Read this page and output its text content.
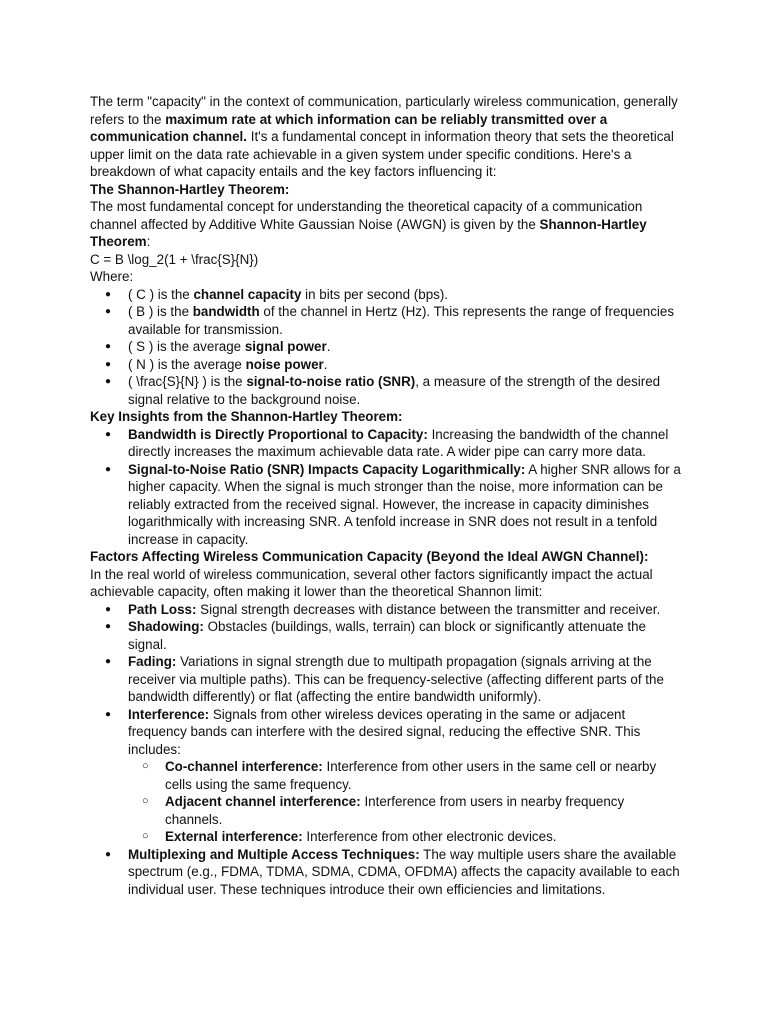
The term "capacity" in the context of communication, particularly wireless communication, generally refers to the maximum rate at which information can be reliably transmitted over a communication channel. It's a fundamental concept in information theory that sets the theoretical upper limit on the data rate achievable in a given system under specific conditions. Here's a breakdown of what capacity entails and the key factors influencing it:

The Shannon-Hartley Theorem:

The most fundamental concept for understanding the theoretical capacity of a communication channel affected by Additive White Gaussian Noise (AWGN) is given by the Shannon-Hartley Theorem:

C = B \log_2(1 + \frac{S}{N})

Where:

● ( C ) is the channel capacity in bits per second (bps).
● ( B ) is the bandwidth of the channel in Hertz (Hz). This represents the range of frequencies available for transmission.
● ( S ) is the average signal power.
● ( N ) is the average noise power.
● ( \frac{S}{N} ) is the signal-to-noise ratio (SNR), a measure of the strength of the desired signal relative to the background noise.

Key Insights from the Shannon-Hartley Theorem:

● Bandwidth is Directly Proportional to Capacity: Increasing the bandwidth of the channel directly increases the maximum achievable data rate. A wider pipe can carry more data.
● Signal-to-Noise Ratio (SNR) Impacts Capacity Logarithmically: A higher SNR allows for a higher capacity. When the signal is much stronger than the noise, more information can be reliably extracted from the received signal. However, the increase in capacity diminishes logarithmically with increasing SNR. A tenfold increase in SNR does not result in a tenfold increase in capacity.

Factors Affecting Wireless Communication Capacity (Beyond the Ideal AWGN Channel):

In the real world of wireless communication, several other factors significantly impact the actual achievable capacity, often making it lower than the theoretical Shannon limit:

● Path Loss: Signal strength decreases with distance between the transmitter and receiver.
● Shadowing: Obstacles (buildings, walls, terrain) can block or significantly attenuate the signal.
● Fading: Variations in signal strength due to multipath propagation (signals arriving at the receiver via multiple paths). This can be frequency-selective (affecting different parts of the bandwidth differently) or flat (affecting the entire bandwidth uniformly).
● Interference: Signals from other wireless devices operating in the same or adjacent frequency bands can interfere with the desired signal, reducing the effective SNR. This includes:
○ Co-channel interference: Interference from other users in the same cell or nearby cells using the same frequency.
○ Adjacent channel interference: Interference from users in nearby frequency channels.
○ External interference: Interference from other electronic devices.
● Multiplexing and Multiple Access Techniques: The way multiple users share the available spectrum (e.g., FDMA, TDMA, SDMA, CDMA, OFDMA) affects the capacity available to each individual user. These techniques introduce their own efficiencies and limitations.
